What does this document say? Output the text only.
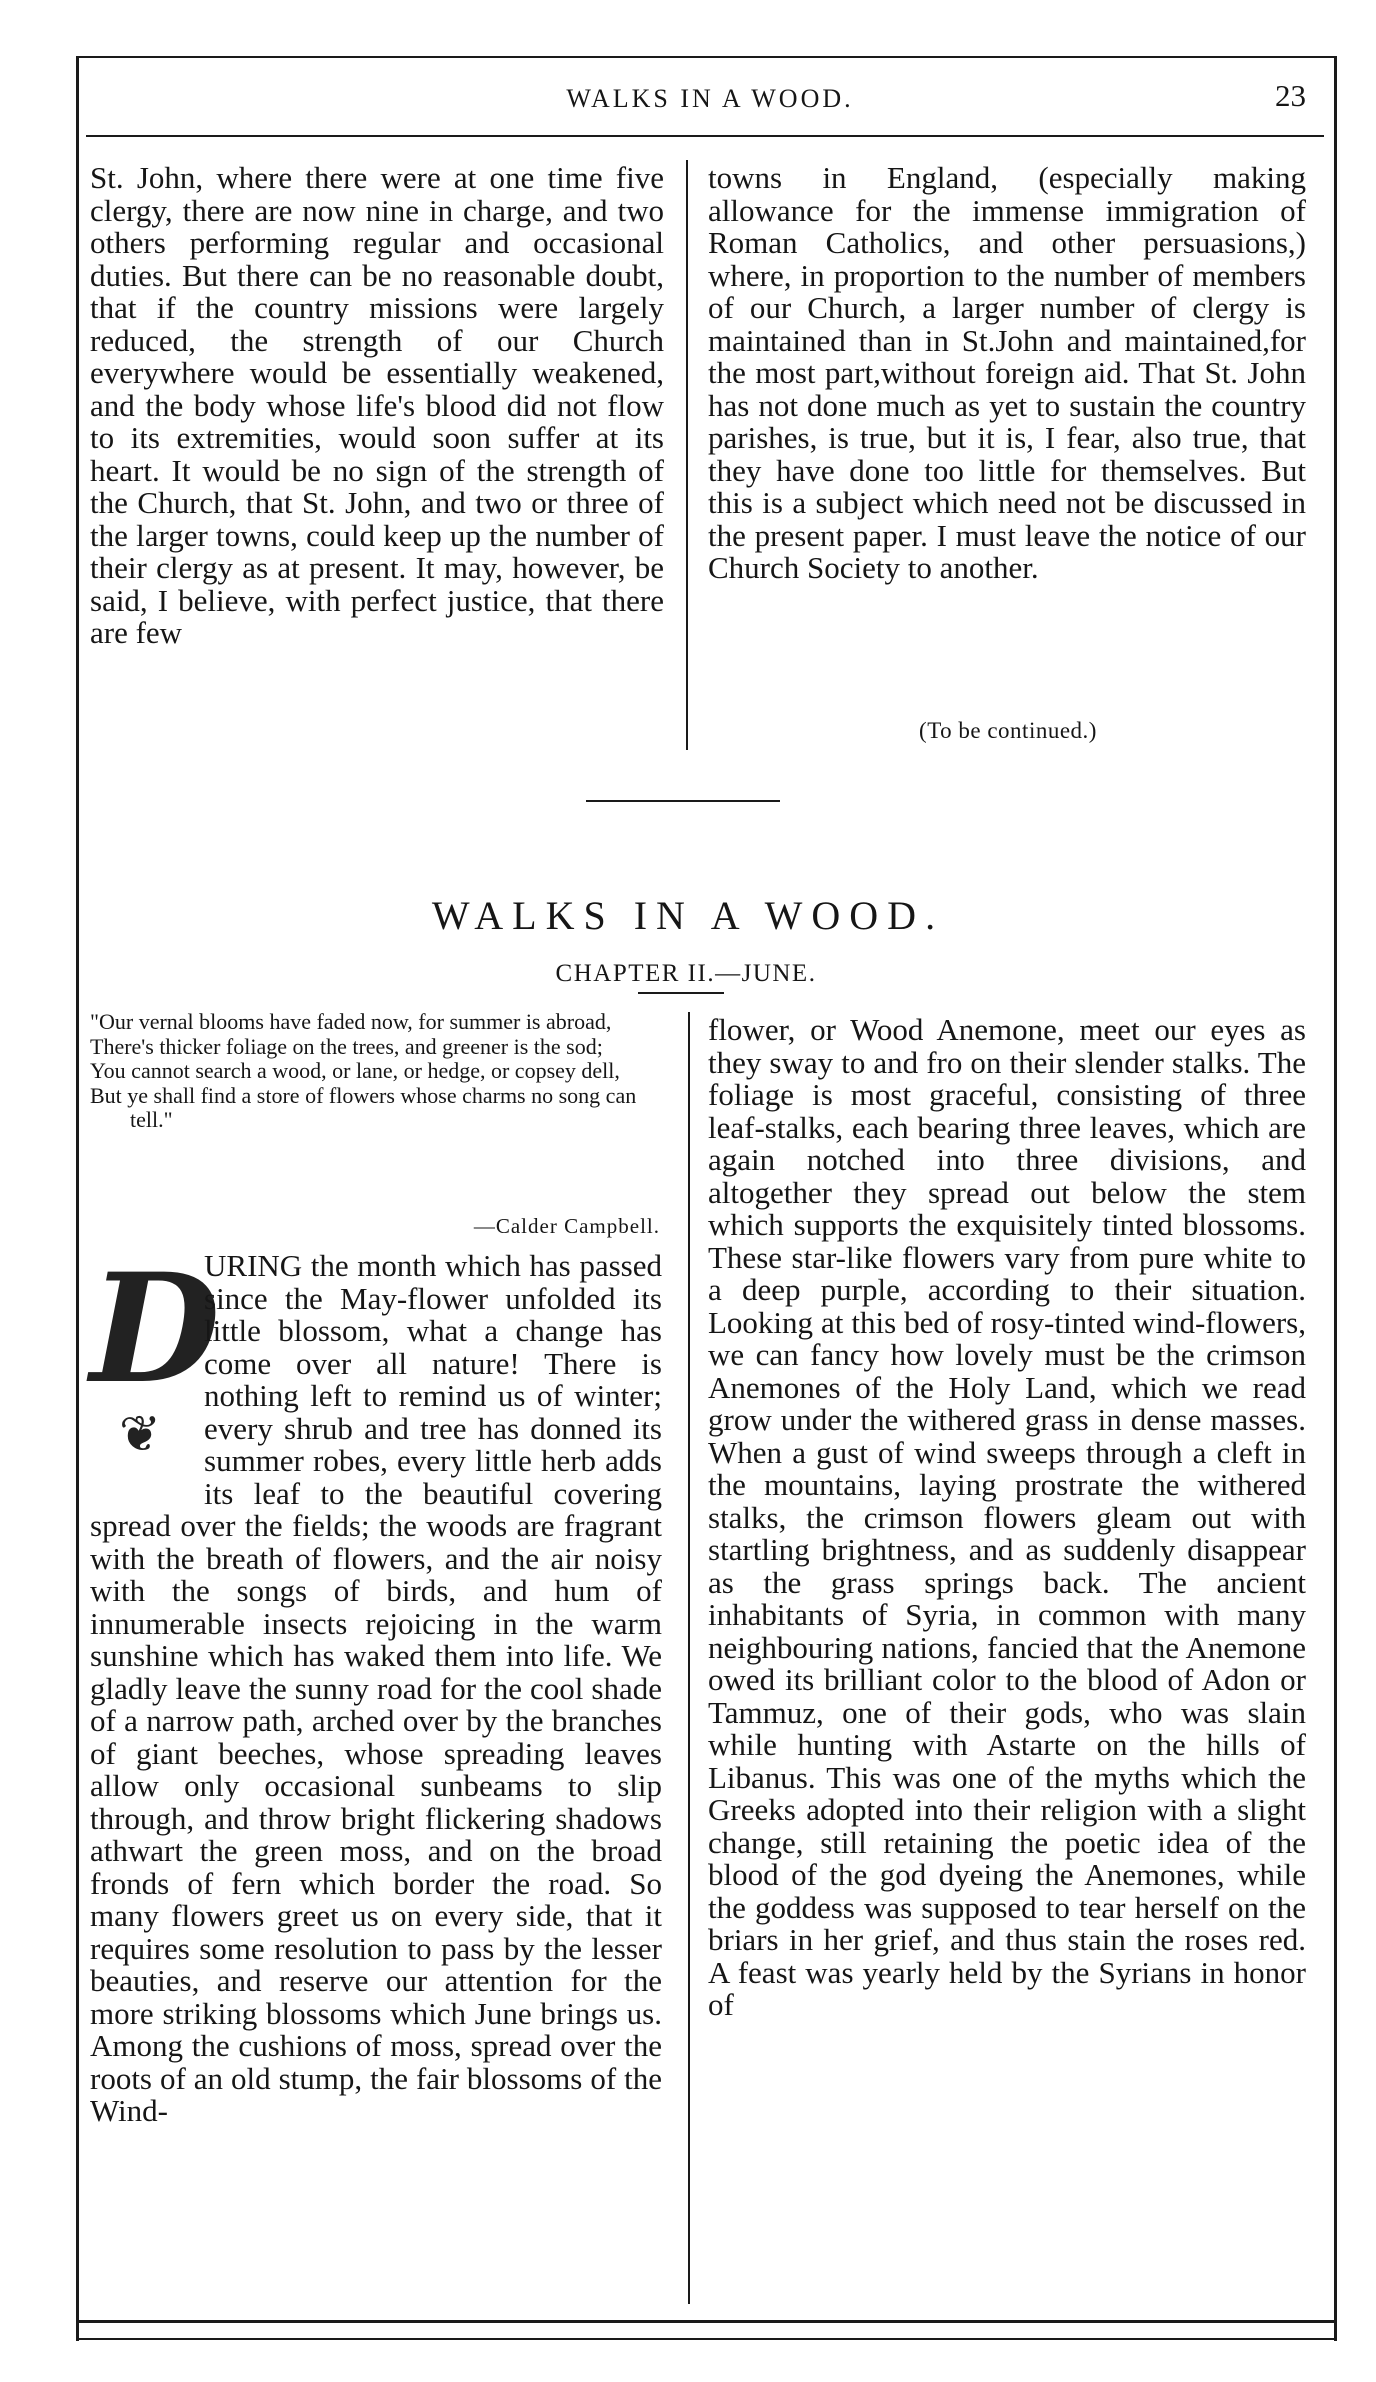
WALKS IN A WOOD.	23

St. John, where there were at one time five clergy, there are now nine in charge, and two others performing regular and occasional duties. But there can be no reasonable doubt, that if the country missions were largely reduced, the strength of our Church everywhere would be essentially weakened, and the body whose life's blood did not flow to its extremities, would soon suffer at its heart. It would be no sign of the strength of the Church, that St. John, and two or three of the larger towns, could keep up the number of their clergy as at present. It may, however, be said, I believe, with perfect justice, that there are few

towns in England, (especially making allowance for the immense immigration of Roman Catholics, and other persuasions,) where, in proportion to the number of members of our Church, a larger number of clergy is maintained than in St.John and maintained,for the most part,without foreign aid. That St. John has not done much as yet to sustain the country parishes, is true, but it is, I fear, also true, that they have done too little for themselves. But this is a subject which need not be discussed in the present paper. I must leave the notice of our Church Society to another.

(To be continued.)
WALKS IN A WOOD.
CHAPTER II.—JUNE.

"Our vernal blooms have faded now, for summer is abroad,

There's thicker foliage on the trees, and greener is the sod;

You cannot search a wood, or lane, or hedge, or copsey dell,

But ye shall find a store of flowers whose charms no song can tell."

—Calder Campbell.
D
❦

URING the month which has passed since the May-flower unfolded its little blossom, what a change has come over all nature! There is nothing left to remind us of winter; every shrub and tree has donned its summer robes, every little herb adds its leaf to the beautiful covering spread over the fields; the woods are fragrant with the breath of flowers, and the air noisy with the songs of birds, and hum of innumerable insects rejoicing in the warm sunshine which has waked them into life. We gladly leave the sunny road for the cool shade of a narrow path, arched over by the branches of giant beeches, whose spreading leaves allow only occasional sunbeams to slip through, and throw bright flickering shadows athwart the green moss, and on the broad fronds of fern which border the road. So many flowers greet us on every side, that it requires some resolution to pass by the lesser beauties, and reserve our attention for the more striking blossoms which June brings us. Among the cushions of moss, spread over the roots of an old stump, the fair blossoms of the Wind-

flower, or Wood Anemone, meet our eyes as they sway to and fro on their slender stalks. The foliage is most graceful, consisting of three leaf-stalks, each bearing three leaves, which are again notched into three divisions, and altogether they spread out below the stem which supports the exquisitely tinted blossoms. These star-like flowers vary from pure white to a deep purple, according to their situation. Looking at this bed of rosy-tinted wind-flowers, we can fancy how lovely must be the crimson Anemones of the Holy Land, which we read grow under the withered grass in dense masses. When a gust of wind sweeps through a cleft in the mountains, laying prostrate the withered stalks, the crimson flowers gleam out with startling brightness, and as suddenly disappear as the grass springs back. The ancient inhabitants of Syria, in common with many neighbouring nations, fancied that the Anemone owed its brilliant color to the blood of Adon or Tammuz, one of their gods, who was slain while hunting with Astarte on the hills of Libanus. This was one of the myths which the Greeks adopted into their religion with a slight change, still retaining the poetic idea of the blood of the god dyeing the Anemones, while the goddess was supposed to tear herself on the briars in her grief, and thus stain the roses red. A feast was yearly held by the Syrians in honor of
